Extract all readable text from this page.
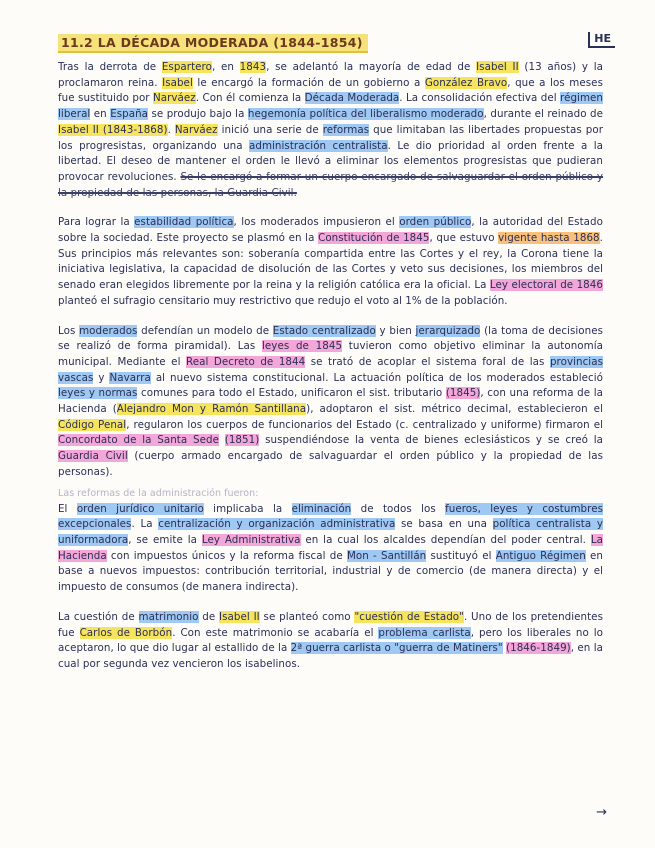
11.2 LA DÉCADA MODERADA (1844-1854)	HE

Tras la derrota de Espartero, en 1843, se adelantó la mayoría de edad de Isabel II (13 años) y la proclamaron reina. Isabel le encargó la formación de un gobierno a González Bravo, que a los meses fue sustituido por Narváez. Con él comienza la Década Moderada. La consolidación efectiva del régimen liberal en España se produjo bajo la hegemonía política del liberalismo moderado, durante el reinado de Isabel II (1843-1868). Narváez inició una serie de reformas que limitaban las libertades propuestas por los progresistas, organizando una administración centralista. Le dio prioridad al orden frente a la libertad. El deseo de mantener el orden le llevó a eliminar los elementos progresistas que pudieran provocar revoluciones. Se le encargó a formar un cuerpo encargado de salvaguardar el orden público y la propiedad de las personas, la Guardia Civil.

Para lograr la estabilidad política, los moderados impusieron el orden público, la autoridad del Estado sobre la sociedad. Este proyecto se plasmó en la Constitución de 1845, que estuvo vigente hasta 1868. Sus principios más relevantes son: soberanía compartida entre las Cortes y el rey, la Corona tiene la iniciativa legislativa, la capacidad de disolución de las Cortes y veto sus decisiones, los miembros del senado eran elegidos libremente por la reina y la religión católica era la oficial. La Ley electoral de 1846 planteó el sufragio censitario muy restrictivo que redujo el voto al 1% de la población.

Los moderados defendían un modelo de Estado centralizado y bien jerarquizado (la toma de decisiones se realizó de forma piramidal). Las leyes de 1845 tuvieron como objetivo eliminar la autonomía municipal. Mediante el Real Decreto de 1844 se trató de acoplar el sistema foral de las provincias vascas y Navarra al nuevo sistema constitucional. La actuación política de los moderados estableció leyes y normas comunes para todo el Estado, unificaron el sist. tributario (1845), con una reforma de la Hacienda (Alejandro Mon y Ramón Santillana), adoptaron el sist. métrico decimal, establecieron el Código Penal, regularon los cuerpos de funcionarios del Estado (c. centralizado y uniforme) firmaron el Concordato de la Santa Sede (1851) suspendiéndose la venta de bienes eclesiásticos y se creó la Guardia Civil (cuerpo armado encargado de salvaguardar el orden público y la propiedad de las personas).

Las reformas de la administración fueron:

El orden jurídico unitario implicaba la eliminación de todos los fueros, leyes y costumbres excepcionales. La centralización y organización administrativa se basa en una política centralista y uniformadora, se emite la Ley Administrativa en la cual los alcaldes dependían del poder central. La Hacienda con impuestos únicos y la reforma fiscal de Mon - Santillán sustituyó el Antiguo Régimen en base a nuevos impuestos: contribución territorial, industrial y de comercio (de manera directa) y el impuesto de consumos (de manera indirecta).

La cuestión de matrimonio de Isabel II se planteó como "cuestión de Estado". Uno de los pretendientes fue Carlos de Borbón. Con este matrimonio se acabaría el problema carlista, pero los liberales no lo aceptaron, lo que dio lugar al estallido de la 2ª guerra carlista o "guerra de Matiners" (1846-1849), en la cual por segunda vez vencieron los isabelinos.

→
